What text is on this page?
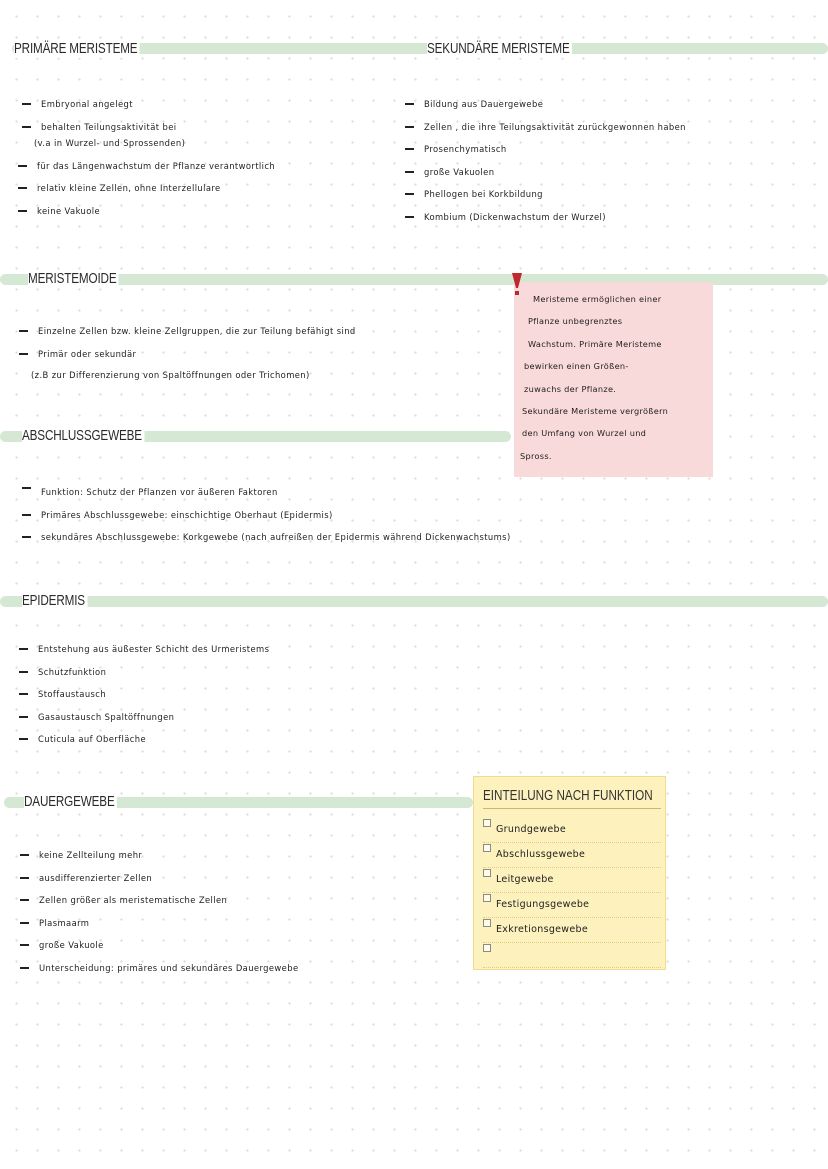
PRIMÄRE MERISTEME	SEKUNDÄRE MERISTEME
Embryonal angelegt
behalten Teilungsaktivität bei
(v.a in Wurzel- und Sprossenden)
für das Längenwachstum der Pflanze verantwortlich
relativ kleine Zellen, ohne Interzellulare
keine Vakuole
Bildung aus Dauergewebe
Zellen , die ihre Teilungsaktivität zurückgewonnen haben
Prosenchymatisch
große Vakuolen
Phellogen bei Korkbildung
Kombium (Dickenwachstum der Wurzel)
MERISTEMOIDE
Einzelne Zellen bzw. kleine Zellgruppen, die zur Teilung befähigt sind
Primär oder sekundär
(z.B zur Differenzierung von Spaltöffnungen oder Trichomen)
Meristeme ermöglichen einer
Pflanze unbegrenztes
Wachstum. Primäre Meristeme
bewirken einen Größen-
zuwachs der Pflanze.
Sekundäre Meristeme vergrößern
den Umfang von Wurzel und
Spross.
ABSCHLUSSGEWEBE
Funktion: Schutz der Pflanzen vor äußeren Faktoren
Primäres Abschlussgewebe: einschichtige Oberhaut (Epidermis)
sekundäres Abschlussgewebe: Korkgewebe (nach aufreißen der Epidermis während Dickenwachstums)
EPIDERMIS
Entstehung aus äußester Schicht des Urmeristems
Schutzfunktion
Stoffaustausch
Gasaustausch Spaltöffnungen
Cuticula auf Oberfläche
DAUERGEWEBE
keine Zellteilung mehr
ausdifferenzierter Zellen
Zellen größer als meristematische Zellen
Plasmaarm
große Vakuole
Unterscheidung: primäres und sekundäres Dauergewebe
EINTEILUNG NACH FUNKTION
Grundgewebe
Abschlussgewebe
Leitgewebe
Festigungsgewebe
Exkretionsgewebe
